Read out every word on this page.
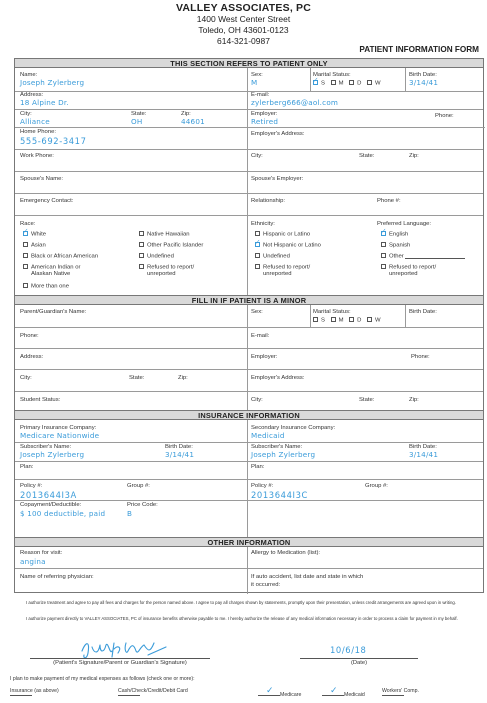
VALLEY ASSOCIATES, PC
1400 West Center Street
Toledo, OH 43601-0123
614-321-0987
PATIENT INFORMATION FORM
THIS SECTION REFERS TO PATIENT ONLY
Name:
Joseph Zylerberg
Sex:
M
Marital Status:
✓S M D W
Birth Date:
3/14/41
Address:
18 Alpine Dr.
E-mail:
zylerberg666@aol.com
City:
Alliance
State:
OH
Zip:
44601
Employer:
Retired
Phone:
Home Phone:
555-692-3417
Employer's Address:
Work Phone:	City:	State:	Zip:
Spouse's Name:	Spouse's Employer:
Emergency Contact:	Relationship:	Phone #:
Race:
✓White
Asian
Black or African American
American Indian or
Alaskan Native
More than one
Native Hawaiian
Other Pacific Islander
Undefined
Refused to report/
unreported
Ethnicity:
Hispanic or Latino
✓Not Hispanic or Latino
Undefined
Refused to report/
unreported
Preferred Language:
✓English
Spanish
Other
Refused to report/
unreported
FILL IN IF PATIENT IS A MINOR
Parent/Guardian's Name:	Sex:	Marital Status:
S M D W
Birth Date:
Phone:	E-mail:
Address:	Employer:	Phone:
City:	State:	Zip:	Employer's Address:
Student Status:	City:	State:	Zip:
INSURANCE INFORMATION
Primary Insurance Company:
Medicare Nationwide
Secondary Insurance Company:
Medicaid
Subscriber's Name:
Joseph Zylerberg
Birth Date:
3/14/41
Subscriber's Name:
Joseph Zylerberg
Birth Date:
3/14/41
Plan:	Plan:
Policy #:
2013644I3A
Group #:	Policy #:
2013644I3C
Group #:
Copayment/Deductible:
$ 100 deductible, paid
Price Code:
B
OTHER INFORMATION
Reason for visit:
angina
Allergy to Medication (list):
Name of referring physician:	If auto accident, list date and state in which
it occurred:
I authorize treatment and agree to pay all fees and charges for the person named above. I agree to pay all charges shown by statements, promptly upon their presentation, unless credit arrangements are agreed upon in writing.
I authorize payment directly to VALLEY ASSOCIATES, PC of insurance benefits otherwise payable to me. I hereby authorize the release of any medical information necessary in order to process a claim for payment in my behalf.
(Patient's Signature/Parent or Guardian's Signature)
10/6/18
(Date)
I plan to make payment of my medical expenses as follows (check one or more):
Insurance (as above)	Cash/Check/Credit/Debit Card	✓ Medicare	✓ Medicaid
Workers' Comp.
